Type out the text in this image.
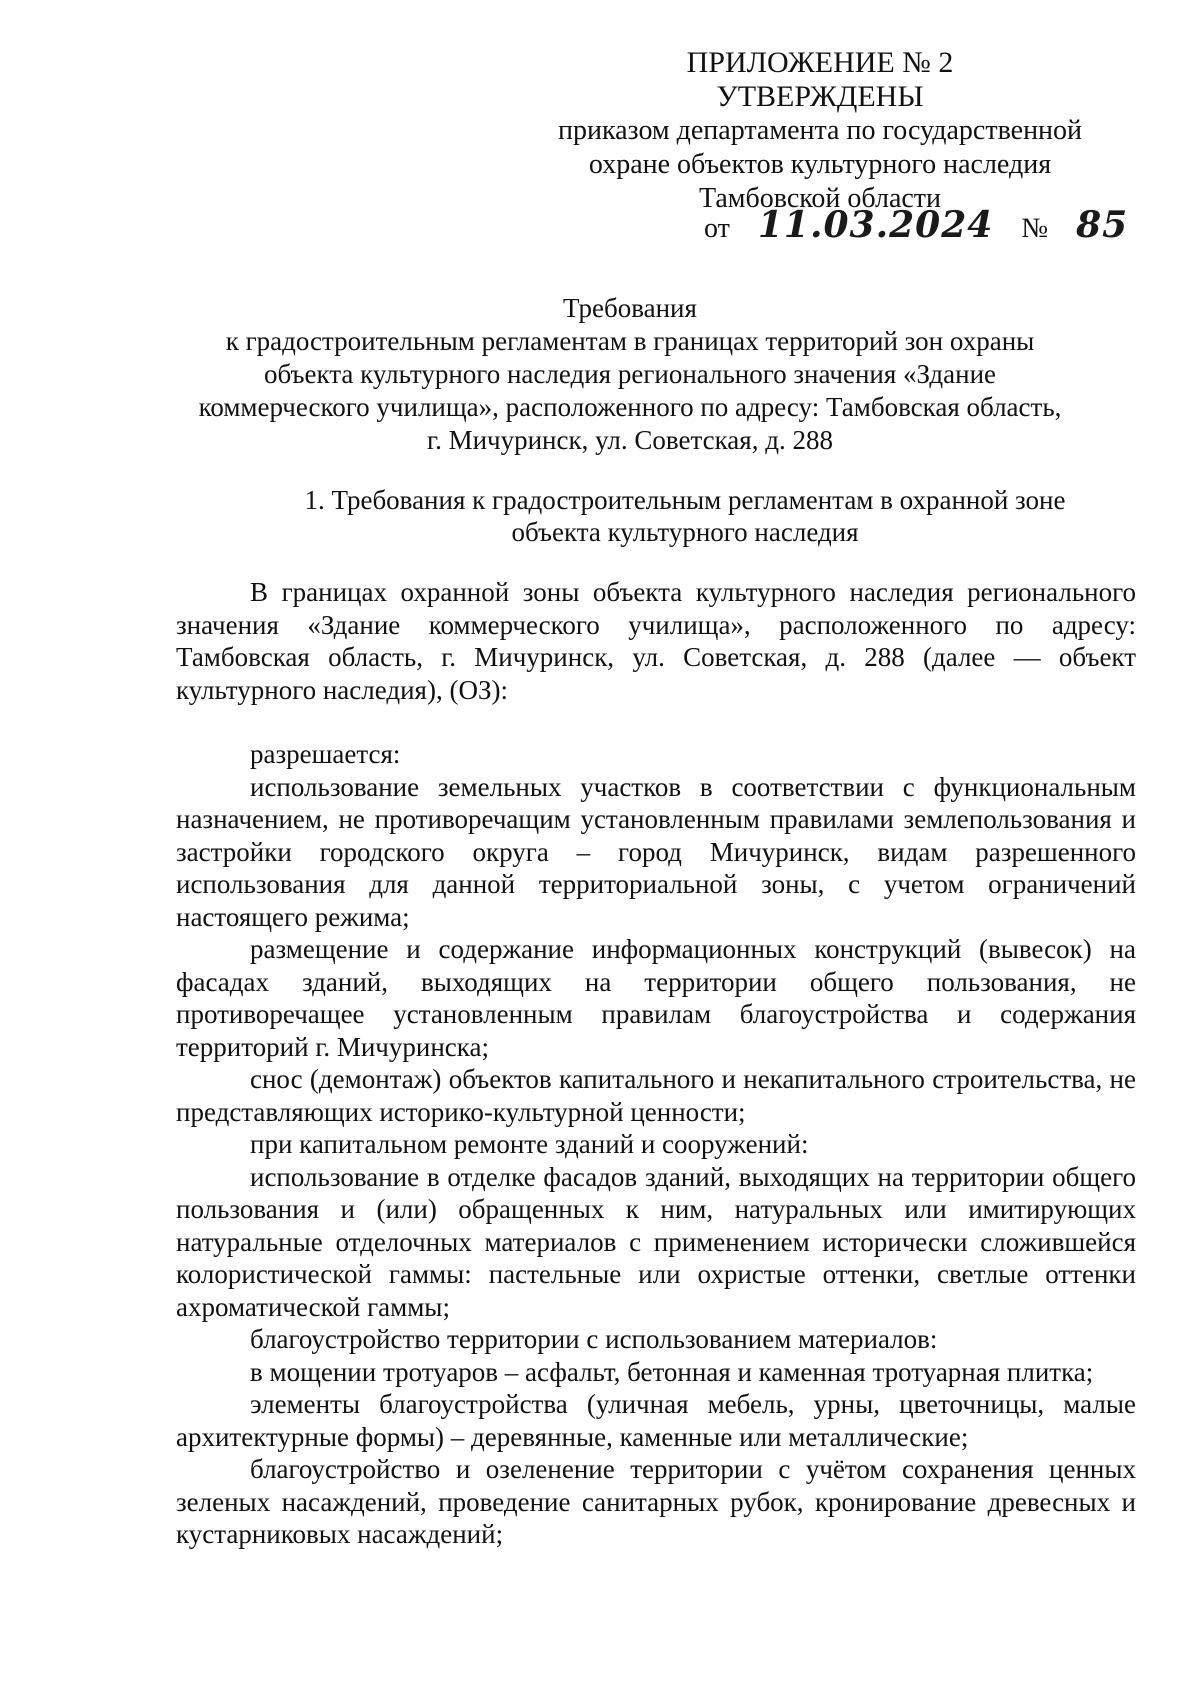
ПРИЛОЖЕНИЕ № 2
УТВЕРЖДЕНЫ
приказом департамента по государственной
охране объектов культурного наследия
Тамбовской области
от 11.03.2024 № 85
Требования
к градостроительным регламентам в границах территорий зон охраны
объекта культурного наследия регионального значения «Здание
коммерческого училища», расположенного по адресу: Тамбовская область,
г. Мичуринск, ул. Советская, д. 288
1. Требования к градостроительным регламентам в охранной зоне
объекта культурного наследия

В границах охранной зоны объекта культурного наследия регионального значения «Здание коммерческого училища», расположенного по адресу: Тамбовская область, г. Мичуринск, ул. Советская, д. 288 (далее — объект культурного наследия), (ОЗ):

разрешается:

использование земельных участков в соответствии с функциональным назначением, не противоречащим установленным правилами землепользования и застройки городского округа – город Мичуринск, видам разрешенного использования для данной территориальной зоны, с учетом ограничений настоящего режима;

размещение и содержание информационных конструкций (вывесок) на фасадах зданий, выходящих на территории общего пользования, не противоречащее установленным правилам благоустройства и содержания территорий г. Мичуринска;

снос (демонтаж) объектов капитального и некапитального строительства, не представляющих историко-культурной ценности;

при капитальном ремонте зданий и сооружений:

использование в отделке фасадов зданий, выходящих на территории общего пользования и (или) обращенных к ним, натуральных или имитирующих натуральные отделочных материалов с применением исторически сложившейся колористической гаммы: пастельные или охристые оттенки, светлые оттенки ахроматической гаммы;

благоустройство территории с использованием материалов:

в мощении тротуаров – асфальт, бетонная и каменная тротуарная плитка;

элементы благоустройства (уличная мебель, урны, цветочницы, малые архитектурные формы) – деревянные, каменные или металлические;

благоустройство и озеленение территории с учётом сохранения ценных зеленых насаждений, проведение санитарных рубок, кронирование древесных и кустарниковых насаждений;
